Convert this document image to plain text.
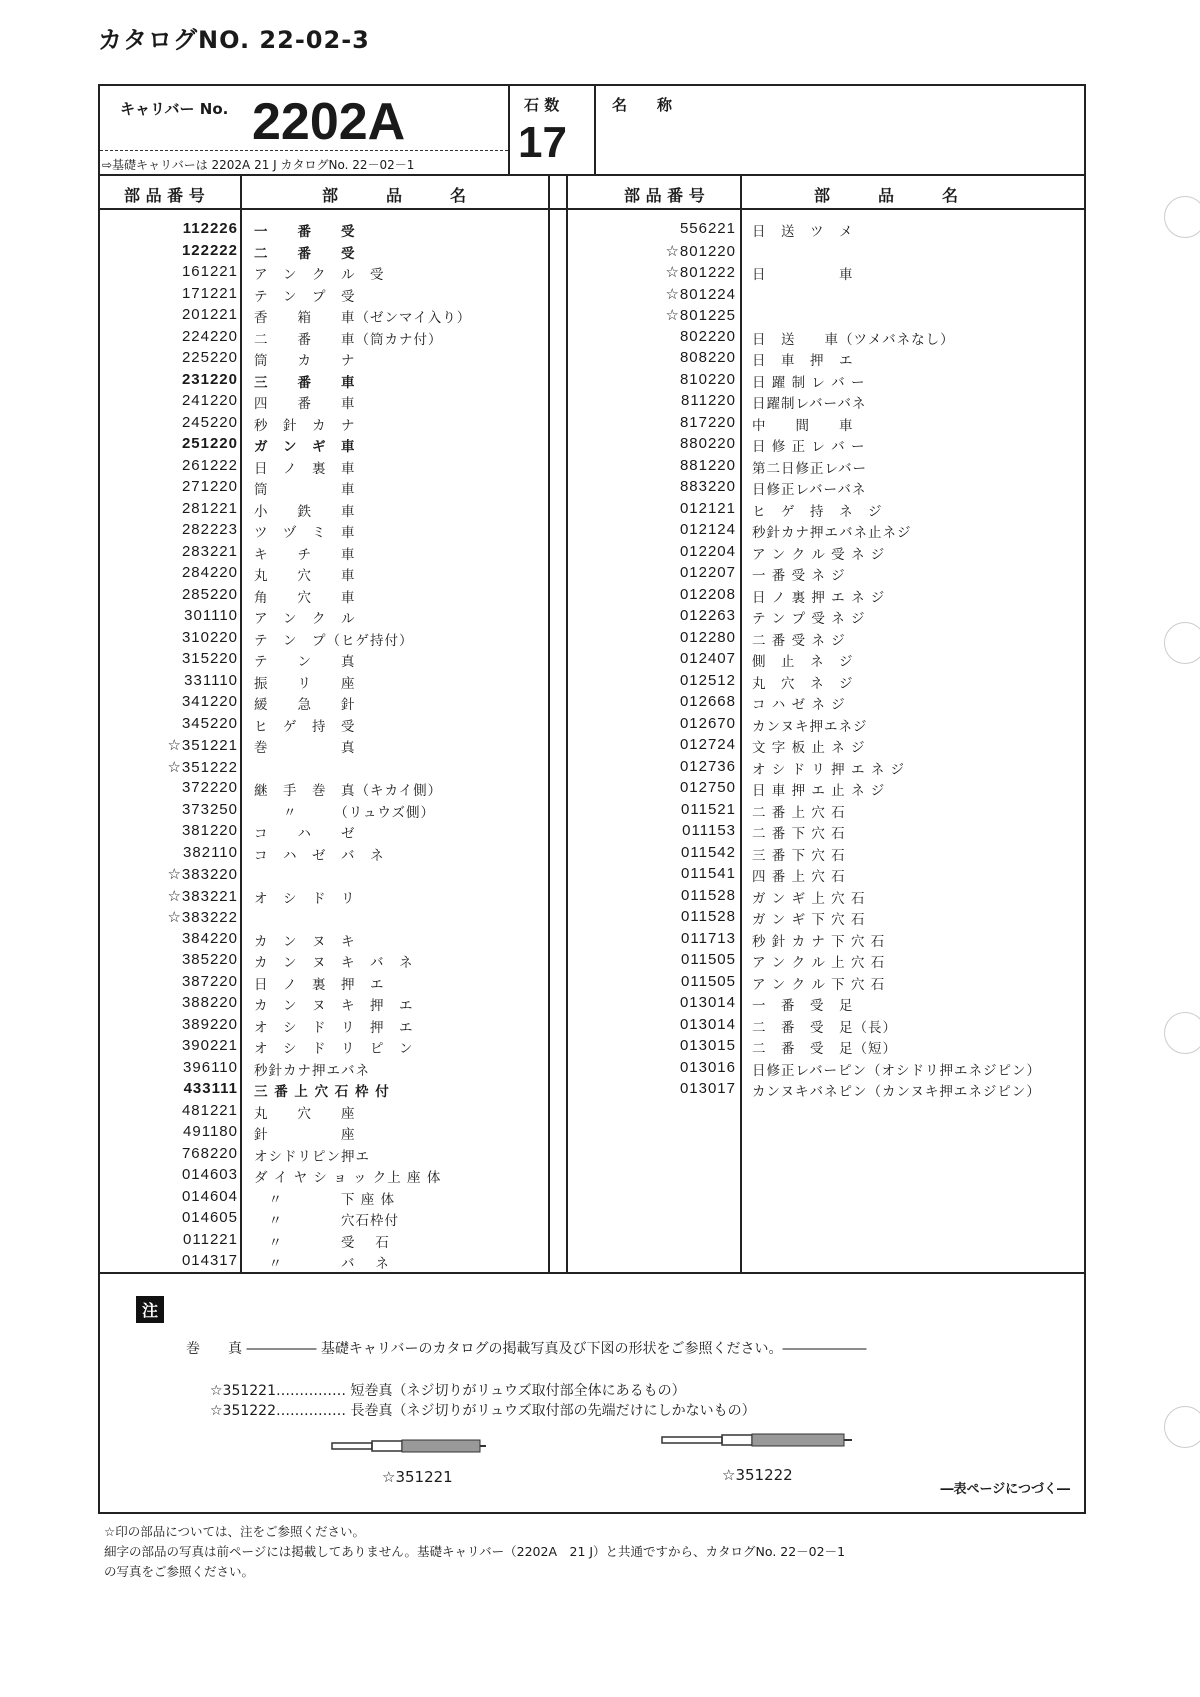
カタログNO. 22-02-3
キャリバー No. 2202A
⇨基礎キャリバーは 2202A 21 J カタログNo. 22－02－1
石 数
17
名　　称
部 品 番 号	部　　　品　　　名	部 品 番 号	部　　　品　　　名
112226 一　　番　　受
122222 二　　番　　受
161221 ア　ン　ク　ル　受
171221 テ　ン　プ　受
201221 香　　箱　　車（ゼンマイ入り）
224220 二　　番　　車（筒カナ付）
225220 筒　　カ　　ナ
231220 三　　番　　車
241220 四　　番　　車
245220 秒　針　カ　ナ
251220 ガ　ン　ギ　車
261222 日　ノ　裏　車
271220 筒　　　　　車
281221 小　　鉄　　車
282223 ツ　ヅ　ミ　車
283221 キ　　チ　　車
284220 丸　　穴　　車
285220 角　　穴　　車
301110 ア　ン　ク　ル
310220 テ　ン　プ（ヒゲ持付）
315220 テ　　ン　　真
331110 振　　リ　　座
341220 緩　　急　　針
345220 ヒ　ゲ　持　受
☆351221 巻　　　　　真
☆351222
372220 継　手　巻　真（キカイ側）
373250 　　〃　　　（リュウズ側）
381220 コ　　ハ　　ゼ
382110 コ　ハ　ゼ　バ　ネ
☆383220
☆383221 オ　シ　ド　リ
☆383222
384220 カ　ン　ヌ　キ
385220 カ　ン　ヌ　キ　バ　ネ
387220 日　ノ　裏　押　エ
388220 カ　ン　ヌ　キ　押　エ
389220 オ　シ　ド　リ　押　エ
390221 オ　シ　ド　リ　ピ　ン
396110 秒針カナ押エバネ
433111 三 番 上 穴 石 枠 付
481221 丸　　穴　　座
491180 針　　　　　座
768220 オシドリピン押エ
014603 ダ イ ヤ シ ョ ッ ク上 座 体
014604 　〃　　　　下 座 体
014605 　〃　　　　穴石枠付
011221 　〃　　　　受　 石
014317 　〃　　　　バ　 ネ
556221 日　送　ツ　メ
☆801220
☆801222 日　　　　　車
☆801224
☆801225
802220 日　送　　車（ツメバネなし）
808220 日　車　押　エ
810220 日 躍 制 レ バ ー
811220 日躍制レバーバネ
817220 中　　間　　車
880220 日 修 正 レ バ ー
881220 第二日修正レバー
883220 日修正レバーバネ
012121 ヒ　ゲ　持　ネ　ジ
012124 秒針カナ押エバネ止ネジ
012204 ア ン ク ル 受 ネ ジ
012207 一 番 受 ネ ジ
012208 日 ノ 裏 押 エ ネ ジ
012263 テ ン プ 受 ネ ジ
012280 二 番 受 ネ ジ
012407 側　止　ネ　ジ
012512 丸　穴　ネ　ジ
012668 コ ハ ゼ ネ ジ
012670 カンヌキ押エネジ
012724 文 字 板 止 ネ ジ
012736 オ シ ド リ 押 エ ネ ジ
012750 日 車 押 エ 止 ネ ジ
011521 二 番 上 穴 石
011153 二 番 下 穴 石
011542 三 番 下 穴 石
011541 四 番 上 穴 石
011528 ガ ン ギ 上 穴 石
011528 ガ ン ギ 下 穴 石
011713 秒 針 カ ナ 下 穴 石
011505 ア ン ク ル 上 穴 石
011505 ア ン ク ル 下 穴 石
013014 一　番　受　足
013014 二　番　受　足（長）
013015 二　番　受　足（短）
013016 日修正レバーピン（オシドリ押エネジピン）
013017 カンヌキバネピン（カンヌキ押エネジピン）
注
巻　　真 ――――― 基礎キャリバーのカタログの掲載写真及び下図の形状をご参照ください。――――――
☆351221…………… 短巻真（ネジ切りがリュウズ取付部全体にあるもの）
☆351222…………… 長巻真（ネジ切りがリュウズ取付部の先端だけにしかないもの）
☆351221	☆351222
―表ページにつづく―
☆印の部品については、注をご参照ください。
細字の部品の写真は前ページには掲載してありません。基礎キャリバー（2202A　21 J）と共通ですから、カタログNo. 22－02－1
の写真をご参照ください。
